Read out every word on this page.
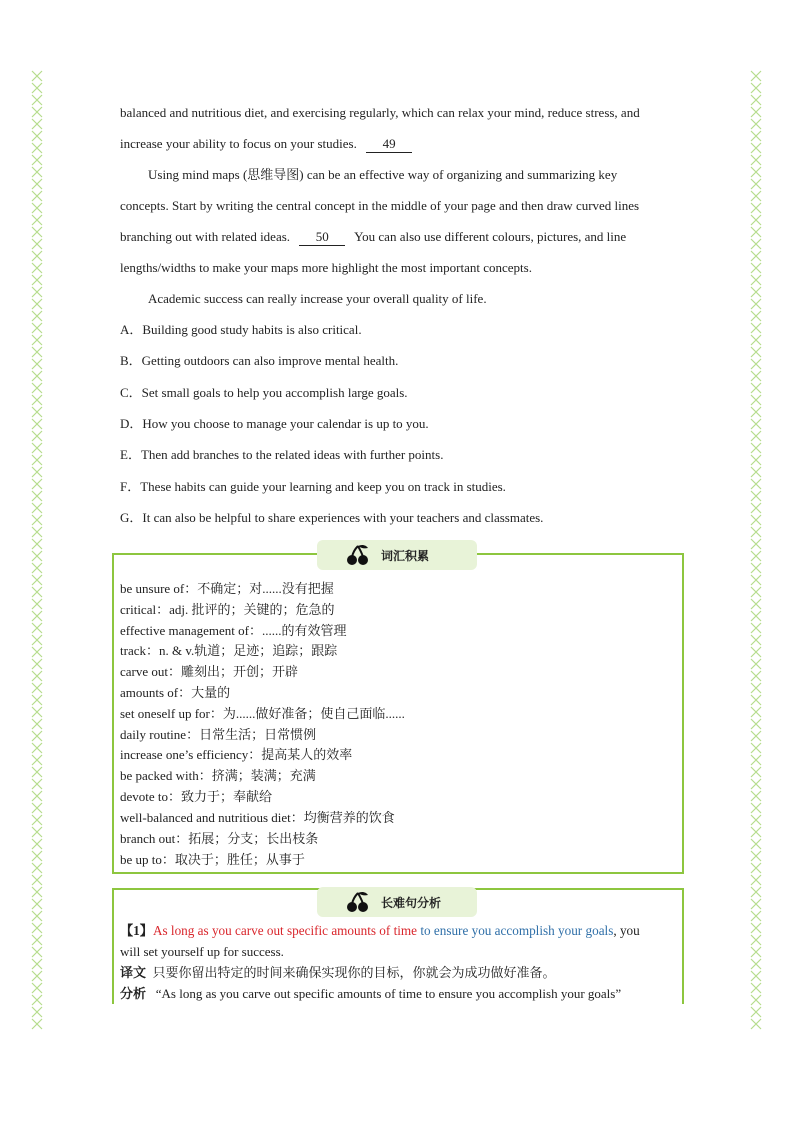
balanced and nutritious diet, and exercising regularly, which can relax your mind, reduce stress, and
increase your ability to focus on your studies. 49
Using mind maps (思维导图) can be an effective way of organizing and summarizing key
concepts. Start by writing the central concept in the middle of your page and then draw curved lines
branching out with related ideas. 50 You can also use different colours, pictures, and line
lengths/widths to make your maps more highlight the most important concepts.
Academic success can really increase your overall quality of life.
A．Building good study habits is also critical.
B．Getting outdoors can also improve mental health.
C．Set small goals to help you accomplish large goals.
D．How you choose to manage your calendar is up to you.
E．Then add branches to the related ideas with further points.
F．These habits can guide your learning and keep you on track in studies.
G．It can also be helpful to share experiences with your teachers and classmates.
词汇积累
be unsure of：不确定；对......没有把握
critical：adj. 批评的；关键的；危急的
effective management of：......的有效管理
track：n. & v.轨道；足迹；追踪；跟踪
carve out：雕刻出；开创；开辟
amounts of：大量的
set oneself up for：为......做好准备；使自己面临......
daily routine：日常生活；日常惯例
increase one’s efficiency：提高某人的效率
be packed with：挤满；装满；充满
devote to：致力于；奉献给
well-balanced and nutritious diet：均衡营养的饮食
branch out：拓展；分支；长出枝条
be up to：取决于；胜任；从事于
长难句分析
【1】As long as you carve out specific amounts of time to ensure you accomplish your goals, you
will set yourself up for success.
译文 只要你留出特定的时间来确保实现你的目标，你就会为成功做好准备。
分析 “As long as you carve out specific amounts of time to ensure you accomplish your goals”
